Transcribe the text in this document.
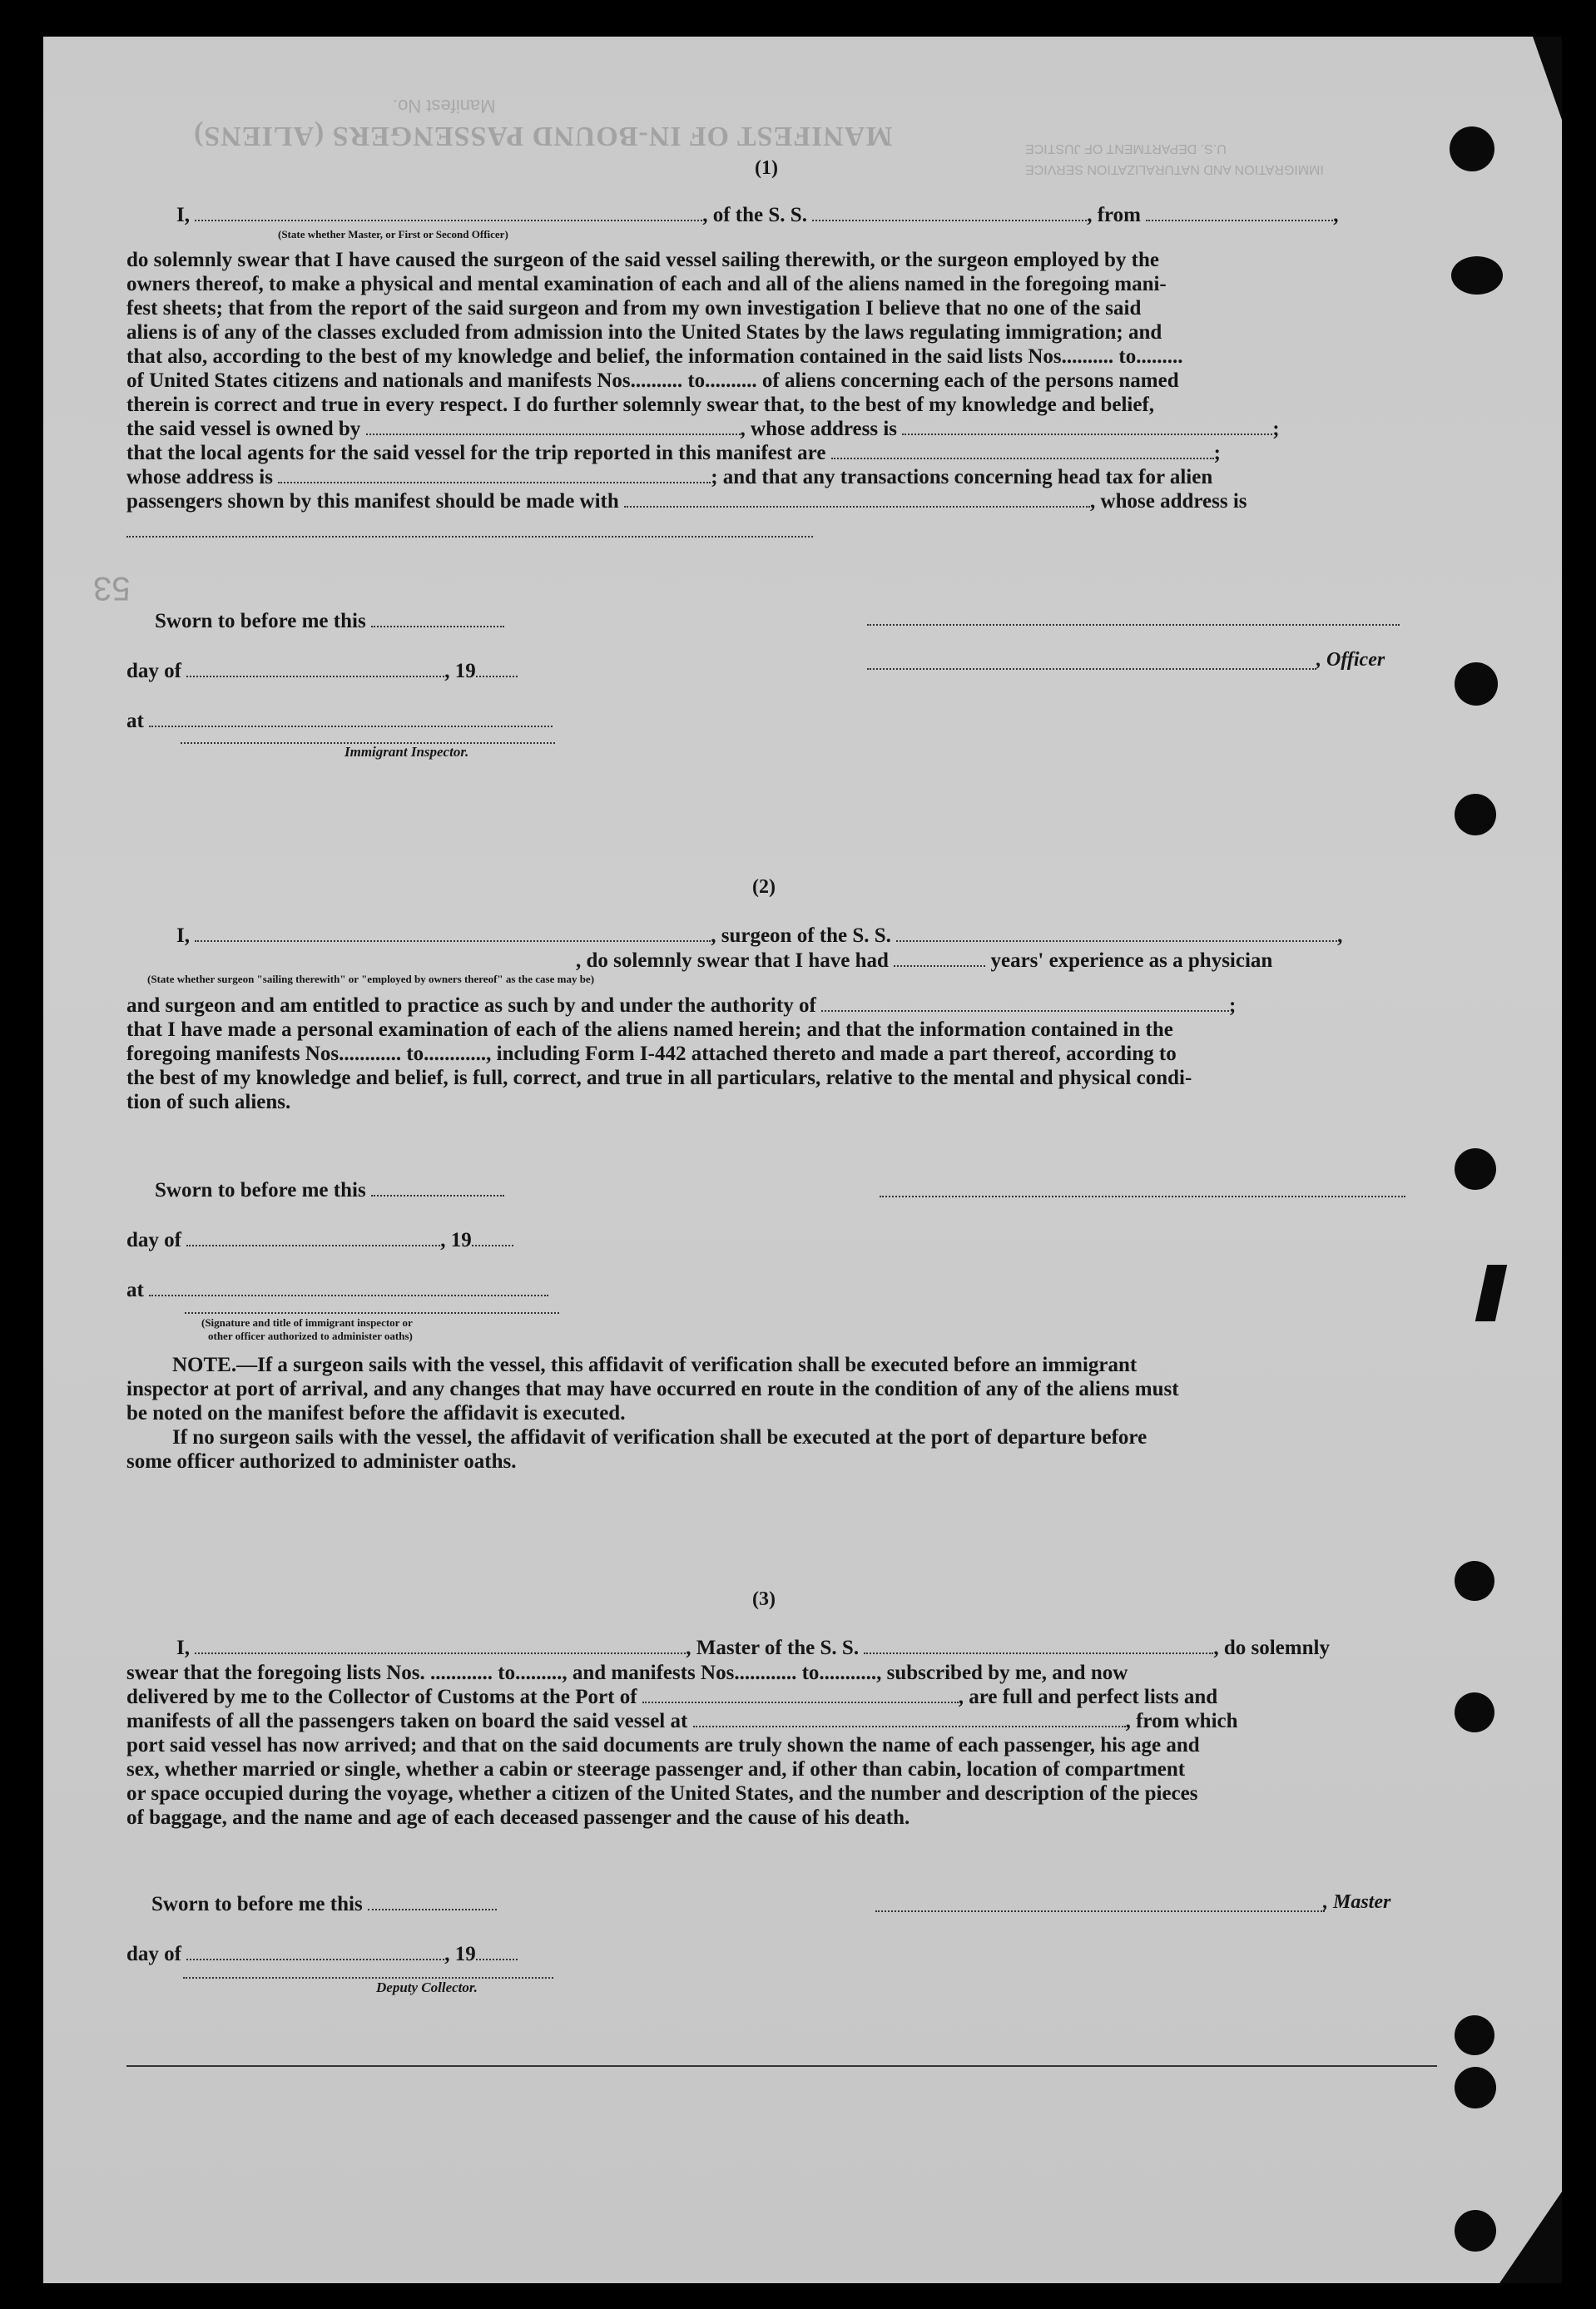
MANIFEST OF IN-BOUND PASSENGERS (ALIENS)
Manifest No.
U.S. DEPARTMENT OF JUSTICE
IMMIGRATION AND NATURALIZATION SERVICE
53
(1)
I,	, of the S. S.	, from	,
(State whether Master, or First or Second Officer)
do solemnly swear that I have caused the surgeon of the said vessel sailing therewith, or the surgeon employed by the
owners thereof, to make a physical and mental examination of each and all of the aliens named in the foregoing mani-
fest sheets; that from the report of the said surgeon and from my own investigation I believe that no one of the said
aliens is of any of the classes excluded from admission into the United States by the laws regulating immigration; and
that also, according to the best of my knowledge and belief, the information contained in the said lists Nos.......... to.........
of United States citizens and nationals and manifests Nos.......... to.......... of aliens concerning each of the persons named
therein is correct and true in every respect. I do further solemnly swear that, to the best of my knowledge and belief,
the said vessel is owned by	, whose address is	;
that the local agents for the said vessel for the trip reported in this manifest are	;
whose address is	; and that any transactions concerning head tax for alien
passengers shown by this manifest should be made with	, whose address is
Sworn to before me this
day of	, 19	, Officer
at
Immigrant Inspector.
(2)
I,	, surgeon of the S. S.	,
, do solemnly swear that I have had	years' experience as a physician
(State whether surgeon "sailing therewith" or "employed by owners thereof" as the case may be)
and surgeon and am entitled to practice as such by and under the authority of	;
that I have made a personal examination of each of the aliens named herein; and that the information contained in the
foregoing manifests Nos............ to............, including Form I-442 attached thereto and made a part thereof, according to
the best of my knowledge and belief, is full, correct, and true in all particulars, relative to the mental and physical condi-
tion of such aliens.
Sworn to before me this
day of	, 19
at
(Signature and title of immigrant inspector or
other officer authorized to administer oaths)
NOTE.—If a surgeon sails with the vessel, this affidavit of verification shall be executed before an immigrant
inspector at port of arrival, and any changes that may have occurred en route in the condition of any of the aliens must
be noted on the manifest before the affidavit is executed.
If no surgeon sails with the vessel, the affidavit of verification shall be executed at the port of departure before
some officer authorized to administer oaths.
(3)
I,	, Master of the S. S.	, do solemnly
swear that the foregoing lists Nos. ............ to........., and manifests Nos............ to..........., subscribed by me, and now
delivered by me to the Collector of Customs at the Port of	, are full and perfect lists and
manifests of all the passengers taken on board the said vessel at	, from which
port said vessel has now arrived; and that on the said documents are truly shown the name of each passenger, his age and
sex, whether married or single, whether a cabin or steerage passenger and, if other than cabin, location of compartment
or space occupied during the voyage, whether a citizen of the United States, and the number and description of the pieces
of baggage, and the name and age of each deceased passenger and the cause of his death.
Sworn to before me this	, Master
day of	, 19
Deputy Collector.
